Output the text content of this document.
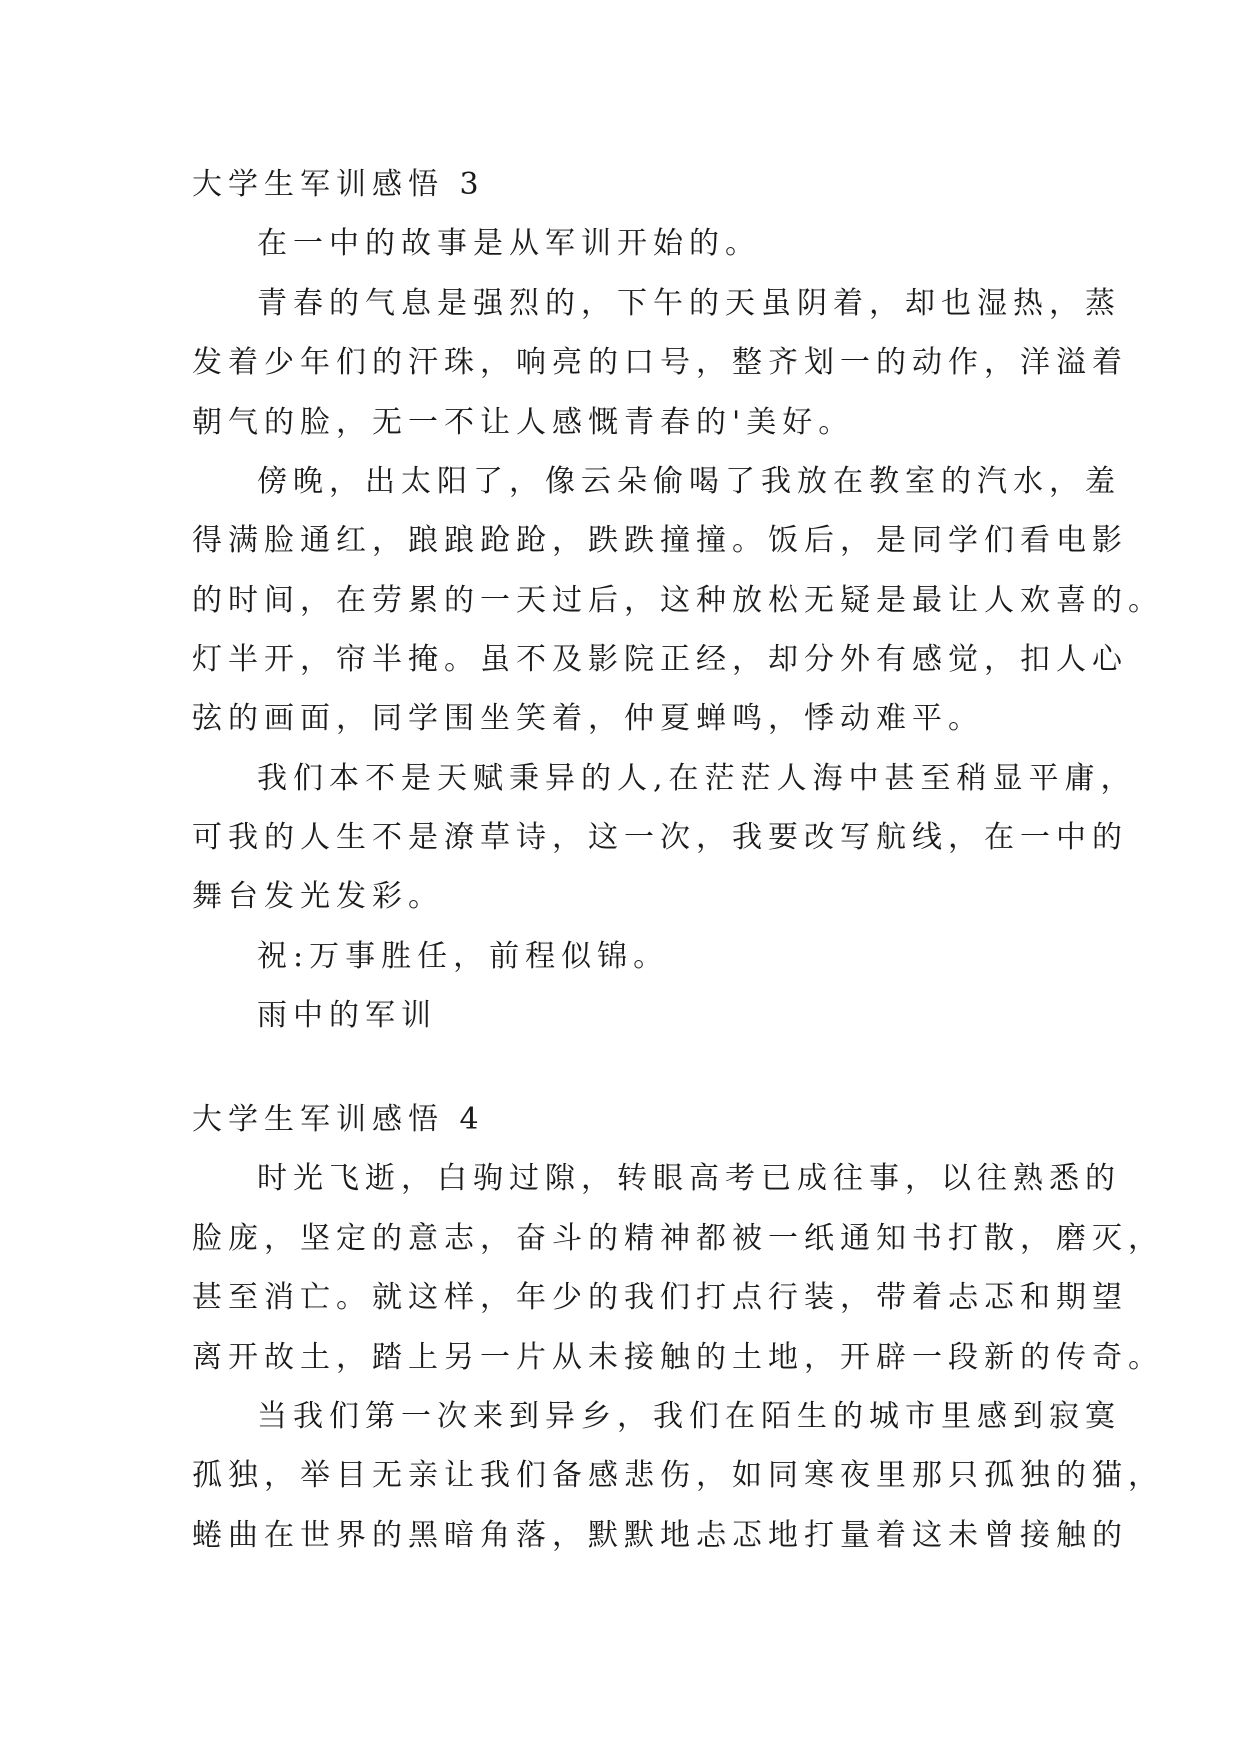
大学生军训感悟 3
在一中的故事是从军训开始的。
青春的气息是强烈的，下午的天虽阴着，却也湿热，蒸
发着少年们的汗珠，响亮的口号，整齐划一的动作，洋溢着
朝气的脸，无一不让人感慨青春的'美好。
傍晚，出太阳了，像云朵偷喝了我放在教室的汽水，羞
得满脸通红，踉踉跄跄，跌跌撞撞。饭后，是同学们看电影
的时间，在劳累的一天过后，这种放松无疑是最让人欢喜的。
灯半开，帘半掩。虽不及影院正经，却分外有感觉，扣人心
弦的画面，同学围坐笑着，仲夏蝉鸣，悸动难平。
我们本不是天赋秉异的人,在茫茫人海中甚至稍显平庸，
可我的人生不是潦草诗，这一次，我要改写航线，在一中的
舞台发光发彩。
祝:万事胜任，前程似锦。
雨中的军训
大学生军训感悟 4
时光飞逝，白驹过隙，转眼高考已成往事，以往熟悉的
脸庞，坚定的意志，奋斗的精神都被一纸通知书打散，磨灭，
甚至消亡。就这样，年少的我们打点行装，带着忐忑和期望
离开故土，踏上另一片从未接触的土地，开辟一段新的传奇。
当我们第一次来到异乡，我们在陌生的城市里感到寂寞
孤独，举目无亲让我们备感悲伤，如同寒夜里那只孤独的猫，
蜷曲在世界的黑暗角落，默默地忐忑地打量着这未曾接触的
